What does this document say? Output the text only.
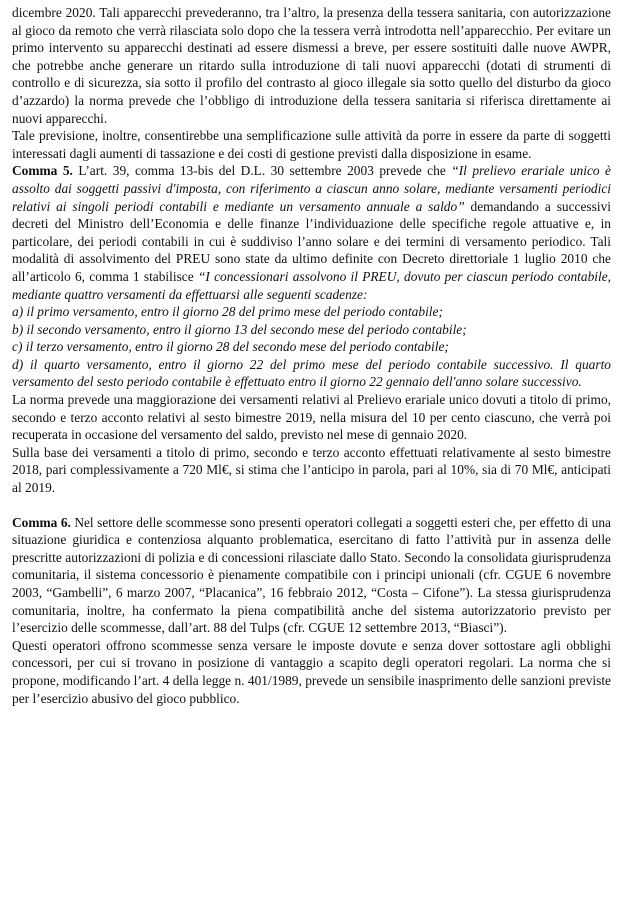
dicembre 2020. Tali apparecchi prevederanno, tra l’altro, la presenza della tessera sanitaria, con autorizzazione al gioco da remoto che verrà rilasciata solo dopo che la tessera verrà introdotta nell’apparecchio. Per evitare un primo intervento su apparecchi destinati ad essere dismessi a breve, per essere sostituiti dalle nuove AWPR, che potrebbe anche generare un ritardo sulla introduzione di tali nuovi apparecchi (dotati di strumenti di controllo e di sicurezza, sia sotto il profilo del contrasto al gioco illegale sia sotto quello del disturbo da gioco d’azzardo) la norma prevede che l’obbligo di introduzione della tessera sanitaria si riferisca direttamente ai nuovi apparecchi.

Tale previsione, inoltre, consentirebbe una semplificazione sulle attività da porre in essere da parte di soggetti interessati dagli aumenti di tassazione e dei costi di gestione previsti dalla disposizione in esame.

Comma 5. L’art. 39, comma 13-bis del D.L. 30 settembre 2003 prevede che “Il prelievo erariale unico è assolto dai soggetti passivi d'imposta, con riferimento a ciascun anno solare, mediante versamenti periodici relativi ai singoli periodi contabili e mediante un versamento annuale a saldo” demandando a successivi decreti del Ministro dell’Economia e delle finanze l’individuazione delle specifiche regole attuative e, in particolare, dei periodi contabili in cui è suddiviso l’anno solare e dei termini di versamento periodico. Tali modalità di assolvimento del PREU sono state da ultimo definite con Decreto direttoriale 1 luglio 2010 che all’articolo 6, comma 1 stabilisce “I concessionari assolvono il PREU, dovuto per ciascun periodo contabile, mediante quattro versamenti da effettuarsi alle seguenti scadenze:

a) il primo versamento, entro il giorno 28 del primo mese del periodo contabile;

b) il secondo versamento, entro il giorno 13 del secondo mese del periodo contabile;

c) il terzo versamento, entro il giorno 28 del secondo mese del periodo contabile;

d) il quarto versamento, entro il giorno 22 del primo mese del periodo contabile successivo. Il quarto versamento del sesto periodo contabile è effettuato entro il giorno 22 gennaio dell'anno solare successivo.

La norma prevede una maggiorazione dei versamenti relativi al Prelievo erariale unico dovuti a titolo di primo, secondo e terzo acconto relativi al sesto bimestre 2019, nella misura del 10 per cento ciascuno, che verrà poi recuperata in occasione del versamento del saldo, previsto nel mese di gennaio 2020.

Sulla base dei versamenti a titolo di primo, secondo e terzo acconto effettuati relativamente al sesto bimestre 2018, pari complessivamente a 720 Ml€, si stima che l’anticipo in parola, pari al 10%, sia di 70 Ml€, anticipati al 2019.

Comma 6. Nel settore delle scommesse sono presenti operatori collegati a soggetti esteri che, per effetto di una situazione giuridica e contenziosa alquanto problematica, esercitano di fatto l’attività pur in assenza delle prescritte autorizzazioni di polizia e di concessioni rilasciate dallo Stato. Secondo la consolidata giurisprudenza comunitaria, il sistema concessorio è pienamente compatibile con i principi unionali (cfr. CGUE 6 novembre 2003, “Gambelli”, 6 marzo 2007, “Placanica”, 16 febbraio 2012, “Costa – Cifone”). La stessa giurisprudenza comunitaria, inoltre, ha confermato la piena compatibilità anche del sistema autorizzatorio previsto per l’esercizio delle scommesse, dall’art. 88 del Tulps (cfr. CGUE 12 settembre 2013, “Biasci”).

Questi operatori offrono scommesse senza versare le imposte dovute e senza dover sottostare agli obblighi concessori, per cui si trovano in posizione di vantaggio a scapito degli operatori regolari. La norma che si propone, modificando l’art. 4 della legge n. 401/1989, prevede un sensibile inasprimento delle sanzioni previste per l’esercizio abusivo del gioco pubblico.
